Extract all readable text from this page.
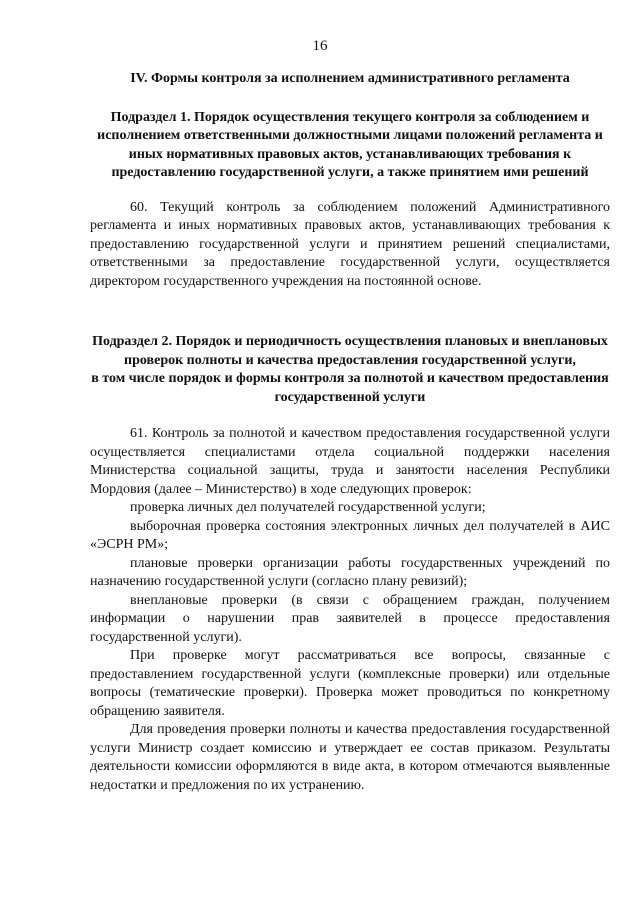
16

IV. Формы контроля за исполнением административного регламента

Подраздел 1. Порядок осуществления текущего контроля за соблюдением и исполнением ответственными должностными лицами положений регламента и иных нормативных правовых актов, устанавливающих требования к предоставлению государственной услуги, а также принятием ими решений

60. Текущий контроль за соблюдением положений Административного регламента и иных нормативных правовых актов, устанавливающих требования к предоставлению государственной услуги и принятием решений специалистами, ответственными за предоставление государственной услуги, осуществляется директором государственного учреждения на постоянной основе.

Подраздел 2. Порядок и периодичность осуществления плановых и внеплановых проверок полноты и качества предоставления государственной услуги,
в том числе порядок и формы контроля за полнотой и качеством предоставления государственной услуги

61. Контроль за полнотой и качеством предоставления государственной услуги осуществляется специалистами отдела социальной поддержки населения Министерства социальной защиты, труда и занятости населения Республики Мордовия (далее – Министерство) в ходе следующих проверок:

проверка личных дел получателей государственной услуги;

выборочная проверка состояния электронных личных дел получателей в АИС «ЭСРН РМ»;

плановые проверки организации работы государственных учреждений по назначению государственной услуги (согласно плану ревизий);

внеплановые проверки (в связи с обращением граждан, получением информации о нарушении прав заявителей в процессе предоставления государственной услуги).

При проверке могут рассматриваться все вопросы, связанные с предоставлением государственной услуги (комплексные проверки) или отдельные вопросы (тематические проверки). Проверка может проводиться по конкретному обращению заявителя.

Для проведения проверки полноты и качества предоставления государственной услуги Министр создает комиссию и утверждает ее состав приказом. Результаты деятельности комиссии оформляются в виде акта, в котором отмечаются выявленные недостатки и предложения по их устранению.
